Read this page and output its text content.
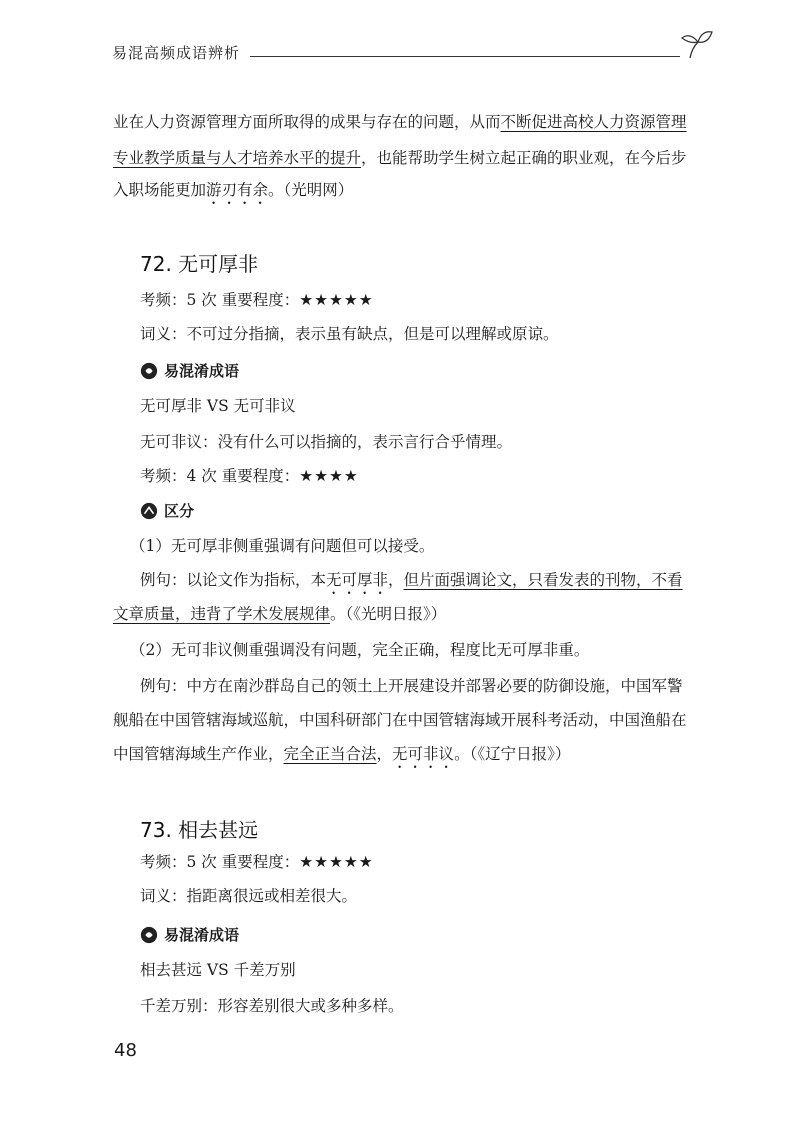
易混高频成语辨析
业在人力资源管理方面所取得的成果与存在的问题，从而不断促进高校人力资源管理
专业教学质量与人才培养水平的提升，也能帮助学生树立起正确的职业观，在今后步
入职场能更加游刃有余。（光明网）
72. 无可厚非
考频：5 次 重要程度：★★★★★
词义：不可过分指摘，表示虽有缺点，但是可以理解或原谅。
易混淆成语
无可厚非 VS 无可非议
无可非议：没有什么可以指摘的，表示言行合乎情理。
考频：4 次 重要程度：★★★★
区分
（1）无可厚非侧重强调有问题但可以接受。
例句：以论文作为指标，本无可厚非，但片面强调论文，只看发表的刊物，不看
文章质量，违背了学术发展规律。（《光明日报》）
（2）无可非议侧重强调没有问题，完全正确，程度比无可厚非重。
例句：中方在南沙群岛自己的领土上开展建设并部署必要的防御设施，中国军警
舰船在中国管辖海域巡航，中国科研部门在中国管辖海域开展科考活动，中国渔船在
中国管辖海域生产作业，完全正当合法，无可非议。（《辽宁日报》）
73. 相去甚远
考频：5 次 重要程度：★★★★★
词义：指距离很远或相差很大。
易混淆成语
相去甚远 VS 千差万别
千差万别：形容差别很大或多种多样。
48
